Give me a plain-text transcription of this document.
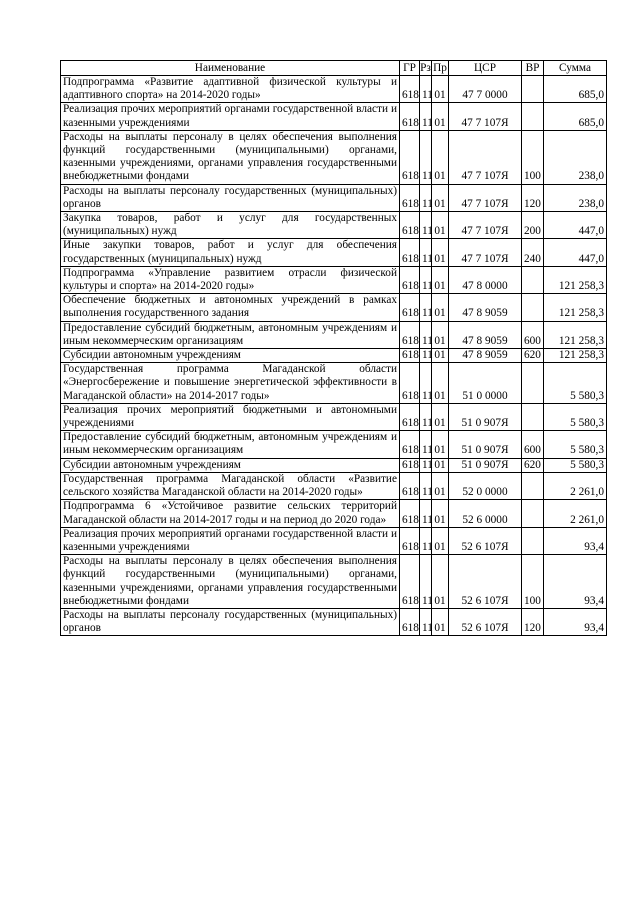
Наименование	ГР	Рз	Пр	ЦСР	ВР	Сумма
Подпрограмма «Развитие адаптивной физической культуры и адаптивного спорта» на 2014-2020 годы»	618	11	01	47 7 0000		685,0
Реализация прочих мероприятий органами государственной власти и казенными учреждениями	618	11	01	47 7 107Я		685,0
Расходы на выплаты персоналу в целях обеспечения выполнения функций государственными (муниципальными) органами, казенными учреждениями, органами управления государственными внебюджетными фондами	618	11	01	47 7 107Я	100	238,0
Расходы на выплаты персоналу государственных (муниципальных) органов	618	11	01	47 7 107Я	120	238,0
Закупка товаров, работ и услуг для государственных (муниципальных) нужд	618	11	01	47 7 107Я	200	447,0
Иные закупки товаров, работ и услуг для обеспечения государственных (муниципальных) нужд	618	11	01	47 7 107Я	240	447,0
Подпрограмма «Управление развитием отрасли физической культуры и спорта» на 2014-2020 годы»	618	11	01	47 8 0000		121 258,3
Обеспечение бюджетных и автономных учреждений в рамках выполнения государственного задания	618	11	01	47 8 9059		121 258,3
Предоставление субсидий бюджетным, автономным учреждениям и иным некоммерческим организациям	618	11	01	47 8 9059	600	121 258,3
Субсидии автономным учреждениям	618	11	01	47 8 9059	620	121 258,3
Государственная программа Магаданской области «Энергосбережение и повышение энергетической эффективности в Магаданской области» на 2014-2017 годы»	618	11	01	51 0 0000		5 580,3
Реализация прочих мероприятий бюджетными и автономными учреждениями	618	11	01	51 0 907Я		5 580,3
Предоставление субсидий бюджетным, автономным учреждениям и иным некоммерческим организациям	618	11	01	51 0 907Я	600	5 580,3
Субсидии автономным учреждениям	618	11	01	51 0 907Я	620	5 580,3
Государственная программа Магаданской области «Развитие сельского хозяйства Магаданской области на 2014-2020 годы»	618	11	01	52 0 0000		2 261,0
Подпрограмма 6 «Устойчивое развитие сельских территорий Магаданской области на 2014-2017 годы и на период до 2020 года»	618	11	01	52 6 0000		2 261,0
Реализация прочих мероприятий органами государственной власти и казенными учреждениями	618	11	01	52 6 107Я		93,4
Расходы на выплаты персоналу в целях обеспечения выполнения функций государственными (муниципальными) органами, казенными учреждениями, органами управления государственными внебюджетными фондами	618	11	01	52 6 107Я	100	93,4
Расходы на выплаты персоналу государственных (муниципальных) органов	618	11	01	52 6 107Я	120	93,4
